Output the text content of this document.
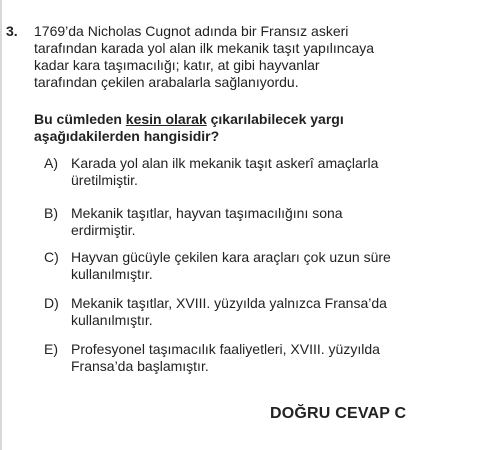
3. 1769’da Nicholas Cugnot adında bir Fransız askeri
tarafından karada yol alan ilk mekanik taşıt yapılıncaya
kadar kara taşımacılığı; katır, at gibi hayvanlar
tarafından çekilen arabalarla sağlanıyordu.
Bu cümleden kesin olarak çıkarılabilecek yargı
aşağıdakilerden hangisidir?
A) Karada yol alan ilk mekanik taşıt askerî amaçlarla
üretilmiştir.
B) Mekanik taşıtlar, hayvan taşımacılığını sona
erdirmiştir.
C) Hayvan gücüyle çekilen kara araçları çok uzun süre
kullanılmıştır.
D) Mekanik taşıtlar, XVIII. yüzyılda yalnızca Fransa’da
kullanılmıştır.
E) Profesyonel taşımacılık faaliyetleri, XVIII. yüzyılda
Fransa’da başlamıştır.
DOĞRU CEVAP C
